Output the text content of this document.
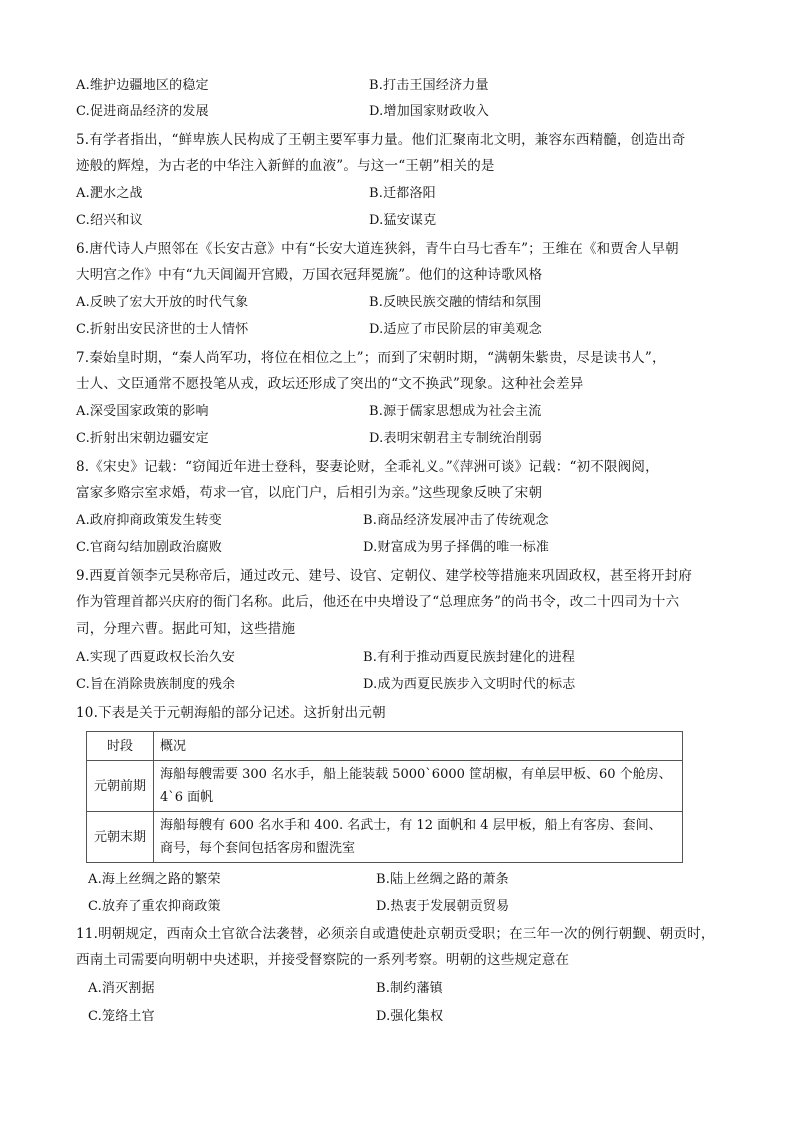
A.维护边疆地区的稳定	B.打击王国经济力量
C.促进商品经济的发展	D.增加国家财政收入
5.有学者指出，“鲜卑族人民构成了王朝主要军事力量。他们汇聚南北文明，兼容东西精髓，创造出奇
迹般的辉煌，为古老的中华注入新鲜的血液”。与这一“王朝”相关的是
A.淝水之战	B.迁都洛阳
C.绍兴和议	D.猛安谋克
6.唐代诗人卢照邻在《长安古意》中有“长安大道连狭斜，青牛白马七香车”；王维在《和贾舍人早朝
大明宫之作》中有“九天阊阖开宫殿，万国衣冠拜冕旒”。他们的这种诗歌风格
A.反映了宏大开放的时代气象	B.反映民族交融的情结和氛围
C.折射出安民济世的士人情怀	D.适应了市民阶层的审美观念
7.秦始皇时期，“秦人尚军功，将位在相位之上”；而到了宋朝时期，“满朝朱紫贵，尽是读书人”，
士人、文臣通常不愿投笔从戎，政坛还形成了突出的“文不换武”现象。这种社会差异
A.深受国家政策的影响	B.源于儒家思想成为社会主流
C.折射出宋朝边疆安定	D.表明宋朝君主专制统治削弱
8.《宋史》记载：“窃闻近年进士登科，娶妻论财，全乖礼义。”《萍洲可谈》记载：“初不限阀阅，
富家多赂宗室求婚，苟求一官，以庇门户，后相引为亲。”这些现象反映了宋朝
A.政府抑商政策发生转变	B.商品经济发展冲击了传统观念
C.官商勾结加剧政治腐败	D.财富成为男子择偶的唯一标准
9.西夏首领李元昊称帝后，通过改元、建号、设官、定朝仪、建学校等措施来巩固政权，甚至将开封府
作为管理首都兴庆府的衙门名称。此后，他还在中央增设了“总理庶务”的尚书令，改二十四司为十六
司，分理六曹。据此可知，这些措施
A.实现了西夏政权长治久安	B.有利于推动西夏民族封建化的进程
C.旨在消除贵族制度的残余	D.成为西夏民族步入文明时代的标志
10.下表是关于元朝海船的部分记述。这折射出元朝
时段	概况
元朝前期	海船每艘需要 300 名水手，船上能装载 5000`6000 筐胡椒，有单层甲板、60 个舱房、
4`6 面帆

元朝末期	海船每艘有 600 名水手和 400. 名武士，有 12 面帆和 4 层甲板，船上有客房、套间、
商号，每个套间包括客房和盥洗室
A.海上丝绸之路的繁荣	B.陆上丝绸之路的萧条
C.放弃了重农抑商政策	D.热衷于发展朝贡贸易
11.明朝规定，西南众土官欲合法袭替，必须亲自或遣使赴京朝贡受职；在三年一次的例行朝觐、朝贡时，
西南土司需要向明朝中央述职，并接受督察院的一系列考察。明朝的这些规定意在
A.消灭割据	B.制约藩镇
C.笼络土官	D.强化集权
